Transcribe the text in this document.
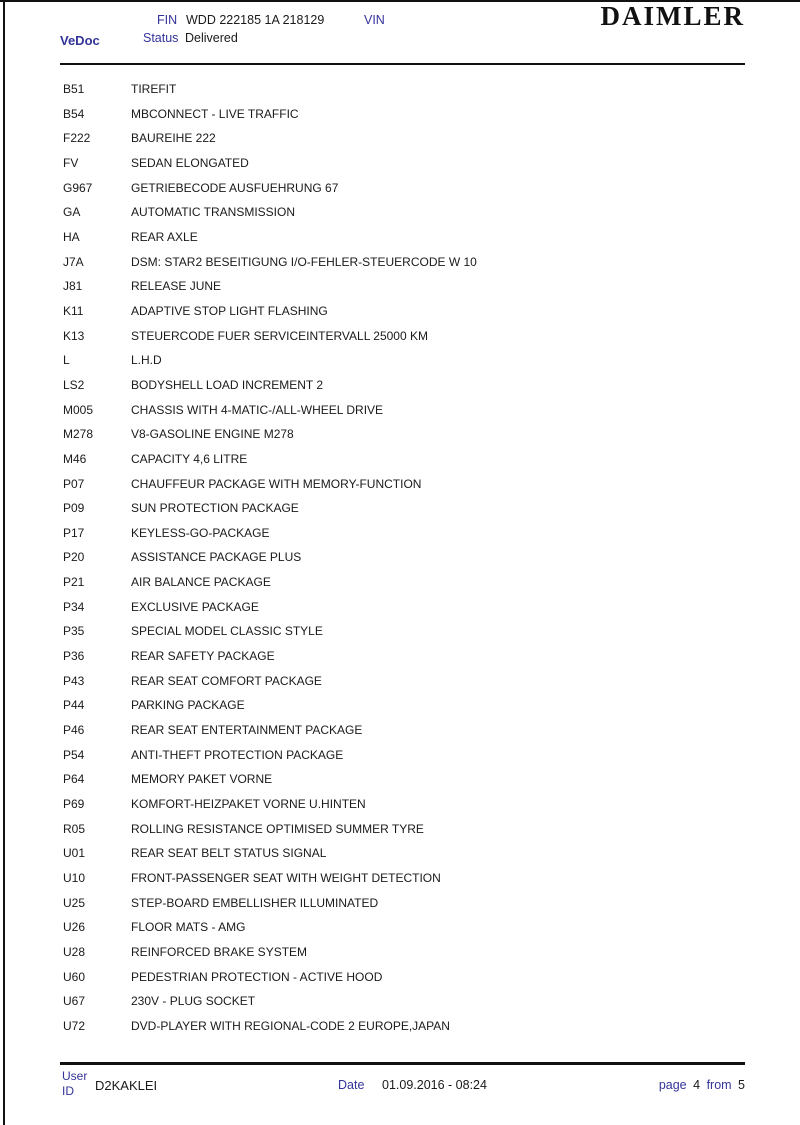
VeDoc
FIN WDD 222185 1A 218129	VIN
Status Delivered
DAIMLER
B51	TIREFIT
B54	MBCONNECT - LIVE TRAFFIC
F222	BAUREIHE 222
FV	SEDAN ELONGATED
G967	GETRIEBECODE AUSFUEHRUNG 67
GA	AUTOMATIC TRANSMISSION
HA	REAR AXLE
J7A	DSM: STAR2 BESEITIGUNG I/O-FEHLER-STEUERCODE W 10
J81	RELEASE JUNE
K11	ADAPTIVE STOP LIGHT FLASHING
K13	STEUERCODE FUER SERVICEINTERVALL 25000 KM
L	L.H.D
LS2	BODYSHELL LOAD INCREMENT 2
M005	CHASSIS WITH 4-MATIC-/ALL-WHEEL DRIVE
M278	V8-GASOLINE ENGINE M278
M46	CAPACITY 4,6 LITRE
P07	CHAUFFEUR PACKAGE WITH MEMORY-FUNCTION
P09	SUN PROTECTION PACKAGE
P17	KEYLESS-GO-PACKAGE
P20	ASSISTANCE PACKAGE PLUS
P21	AIR BALANCE PACKAGE
P34	EXCLUSIVE PACKAGE
P35	SPECIAL MODEL CLASSIC STYLE
P36	REAR SAFETY PACKAGE
P43	REAR SEAT COMFORT PACKAGE
P44	PARKING PACKAGE
P46	REAR SEAT ENTERTAINMENT PACKAGE
P54	ANTI-THEFT PROTECTION PACKAGE
P64	MEMORY PAKET VORNE
P69	KOMFORT-HEIZPAKET VORNE U.HINTEN
R05	ROLLING RESISTANCE OPTIMISED SUMMER TYRE
U01	REAR SEAT BELT STATUS SIGNAL
U10	FRONT-PASSENGER SEAT WITH WEIGHT DETECTION
U25	STEP-BOARD EMBELLISHER ILLUMINATED
U26	FLOOR MATS - AMG
U28	REINFORCED BRAKE SYSTEM
U60	PEDESTRIAN PROTECTION - ACTIVE HOOD
U67	230V - PLUG SOCKET
U72	DVD-PLAYER WITH REGIONAL-CODE 2 EUROPE,JAPAN
User
ID	D2KAKLEI	Date 01.09.2016 - 08:24	page 4 from 5
